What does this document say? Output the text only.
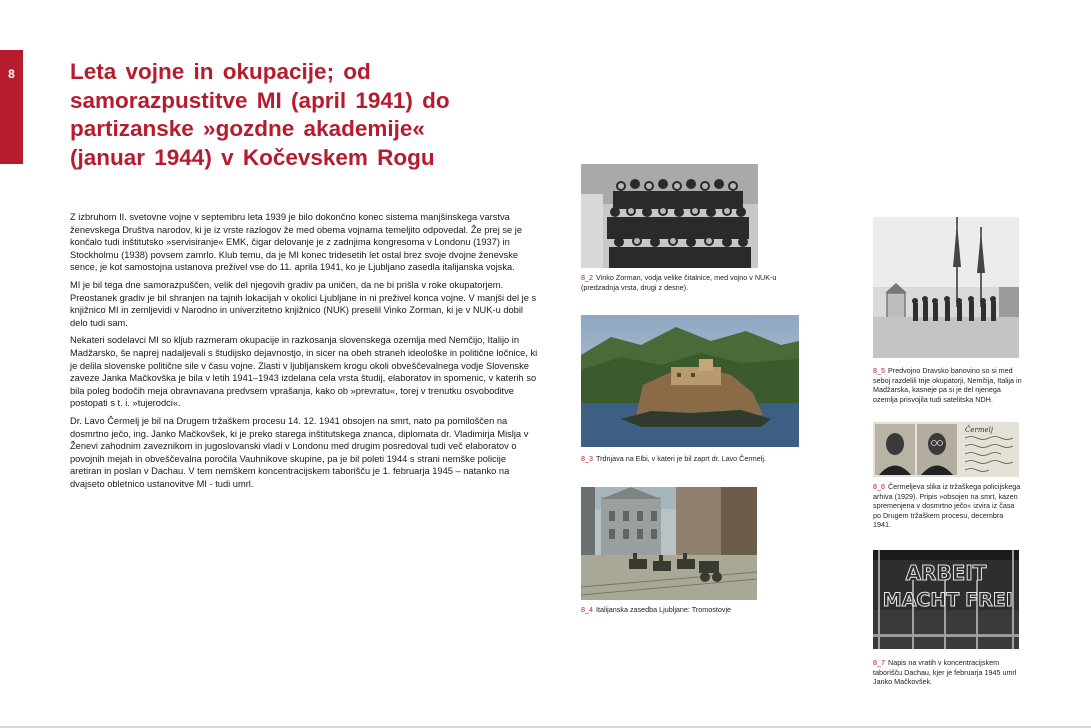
8	Leta vojne in okupacije; od samorazpustitve MI (april 1941) do partizanske »gozdne akademije« (januar 1944) v Kočevskem Rogu

Z izbruhom II. svetovne vojne v septembru leta 1939 je bilo dokončno konec sistema manjšinskega varstva ženevskega Društva narodov, ki je iz vrste razlogov že med obema vojnama temeljito odpovedal. Že prej se je končalo tudi inštitutsko »servisiranje« EMK, čigar delovanje je z zadnjima kongresoma v Londonu (1937) in Stockholmu (1938) povsem zamrlo. Klub temu, da je MI konec tridesetih let ostal brez svoje dvojne ženevske sence, je kot samostojna ustanova preživel vse do 11. aprila 1941, ko je Ljubljano zasedla italijanska vojska.

MI je bil tega dne samorazpuščen, velik del njegovih gradiv pa uničen, da ne bi prišla v roke okupatorjem. Preostanek gradiv je bil shranjen na tajnih lokacijah v okolici Ljubljane in ni preživel konca vojne. V manjši del je s knjižnico MI in zemljevidi v Narodno in univerzitetno knjižnico (NUK) preselil Vinko Zorman, ki je v NUK-u dobil delo tudi sam.

Nekateri sodelavci MI so kljub razmeram okupacije in razkosanja slovenskega ozemlja med Nemčijo, Italijo in Madžarsko, še naprej nadaljevali s študijsko dejavnostjo, in sicer na obeh straneh ideološke in politične ločnice, ki je delila slovenske politične sile v času vojne. Zlasti v ljubljanskem krogu okoli obveščevalnega vodje Slovenske zaveze Janka Mačkovška je bila v letih 1941–1943 izdelana cela vrsta študij, elaboratov in spomenic, v katerih so bila poleg bodočih meja obravnavana predvsem vprašanja, kako ob »prevratu«, torej v trenutku osvoboditve postopati s t. i. »tujerodci«.

Dr. Lavo Čermelj je bil na Drugem tržaškem procesu 14. 12. 1941 obsojen na smrt, nato pa pomiloščen na dosmrtno ječo, ing. Janko Mačkovšek, ki je preko starega inštitutskega znanca, diplomata dr. Vladimirja Mislja v Ženevi zahodnim zaveznikom in jugoslovanski vladi v Londonu med drugim posredoval tudi več elaboratov o povojnih mejah in obveščevalna poročila Vauhnikove skupine, pa je bil poleti 1944 s strani nemške policije aretiran in poslan v Dachau. V tem nemškem koncentracijskem taborišču je 1. februarja 1945 – natanko na dvajseto obletnico ustanovitve MI - tudi umrl.

8_2 Vinko Zorman, vodja velike čitalnice, med vojno v NUK-u (predzadnja vrsta, drugi z desne).
8_3 Trdnjava na Elbi, v kateri je bil zaprt dr. Lavo Čermelj.
8_4 Italijanska zasedba Ljubljane: Tromostovje
8_5 Predvojno Dravsko banovino so si med seboj razdelili trije okupatorji, Nemčija, Italija in Madžarska, kasneje pa si je del njenega ozemlja prisvojila tudi satelitska NDH.
Čermelj
8_6 Čermeljeva slika iz tržaškega policijskega arhiva (1929). Pripis »obsojen na smrt, kazen spremenjena v dosmrtno ječo« izvira iz časa po Drugem tržaškem procesu, decembra 1941.
ARBEIT
MACHT FREI
8_7 Napis na vratih v koncentracijskem taborišču Dachau, kjer je februarja 1945 umrl Janko Mačkovšek.
